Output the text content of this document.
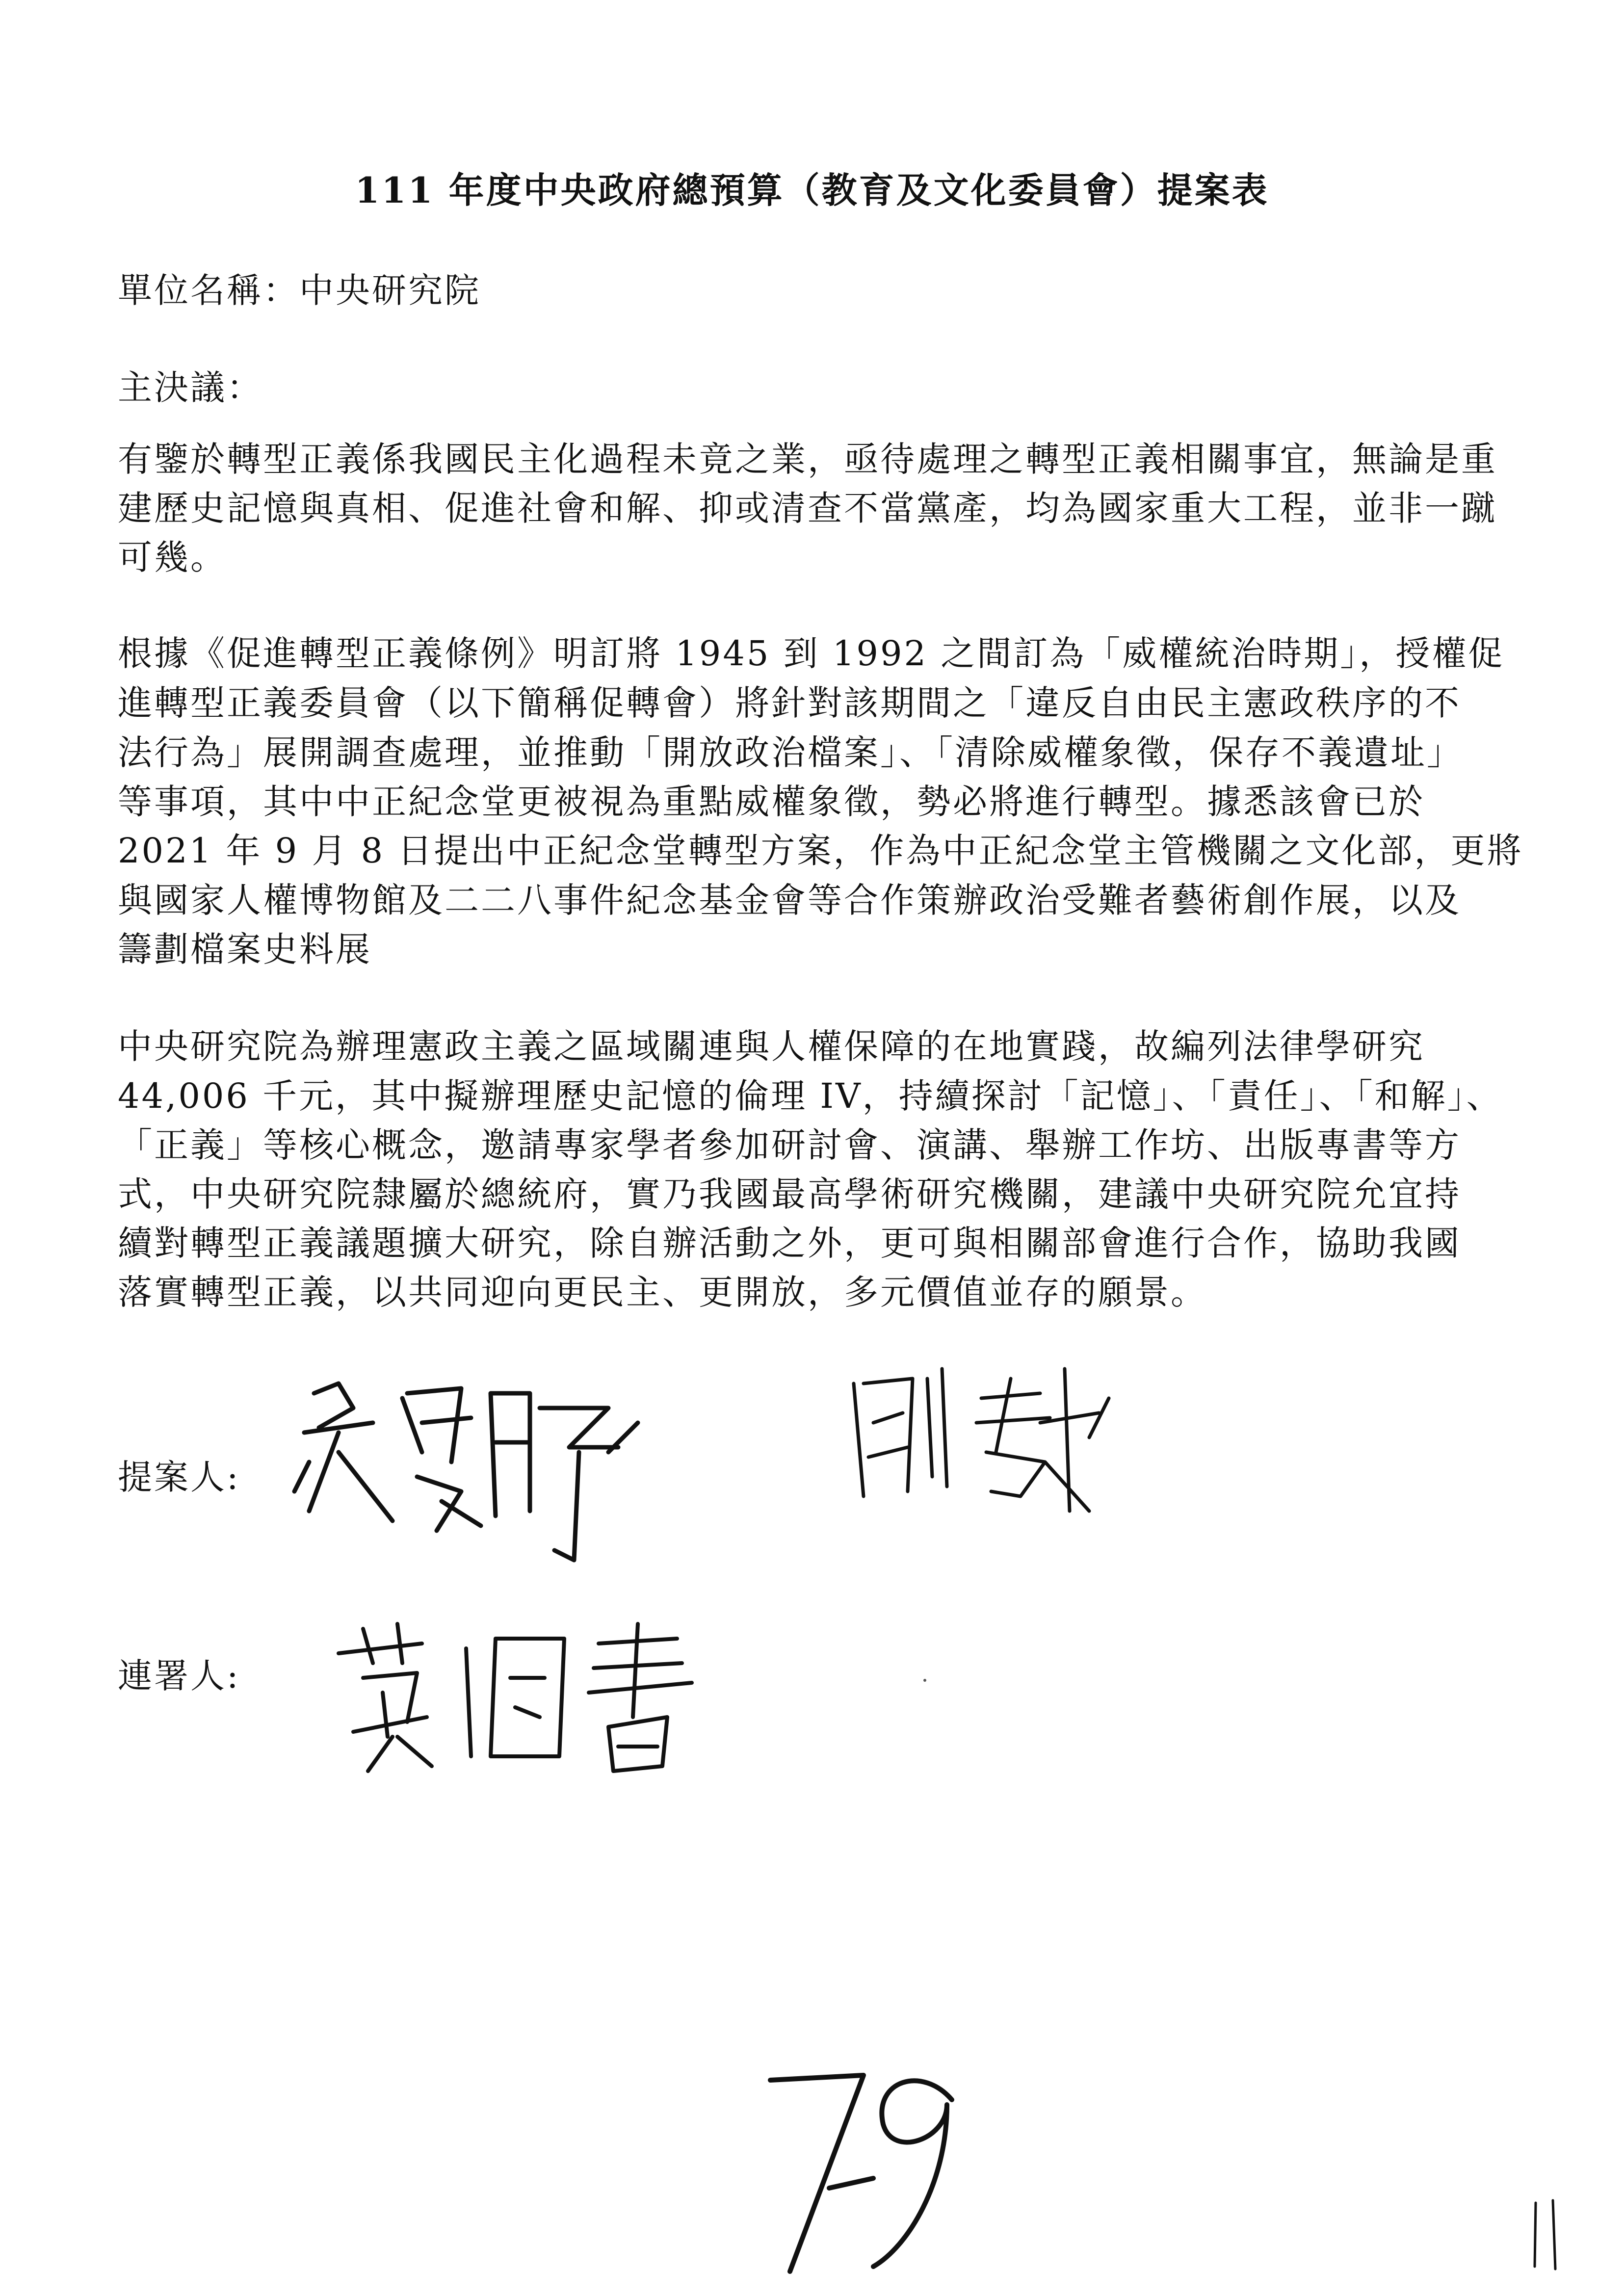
111 年度中央政府總預算（教育及文化委員會）提案表
單位名稱：中央研究院
主決議：
有鑒於轉型正義係我國民主化過程未竟之業，亟待處理之轉型正義相關事宜，無論是重
建歷史記憶與真相、促進社會和解、抑或清查不當黨產，均為國家重大工程，並非一蹴
可幾。
根據《促進轉型正義條例》明訂將 1945 到 1992 之間訂為「威權統治時期」，授權促
進轉型正義委員會（以下簡稱促轉會）將針對該期間之「違反自由民主憲政秩序的不
法行為」展開調查處理，並推動「開放政治檔案」、「清除威權象徵，保存不義遺址」
等事項，其中中正紀念堂更被視為重點威權象徵，勢必將進行轉型。據悉該會已於
2021 年 9 月 8 日提出中正紀念堂轉型方案，作為中正紀念堂主管機關之文化部，更將
與國家人權博物館及二二八事件紀念基金會等合作策辦政治受難者藝術創作展，以及
籌劃檔案史料展
中央研究院為辦理憲政主義之區域關連與人權保障的在地實踐，故編列法律學研究
44,006 千元，其中擬辦理歷史記憶的倫理 IV，持續探討「記憶」、「責任」、「和解」、
「正義」等核心概念，邀請專家學者參加研討會、演講、舉辦工作坊、出版專書等方
式，中央研究院隸屬於總統府，實乃我國最高學術研究機關，建議中央研究院允宜持
續對轉型正義議題擴大研究，除自辦活動之外，更可與相關部會進行合作，協助我國
落實轉型正義，以共同迎向更民主、更開放，多元價值並存的願景。
提案人:
連署人:
